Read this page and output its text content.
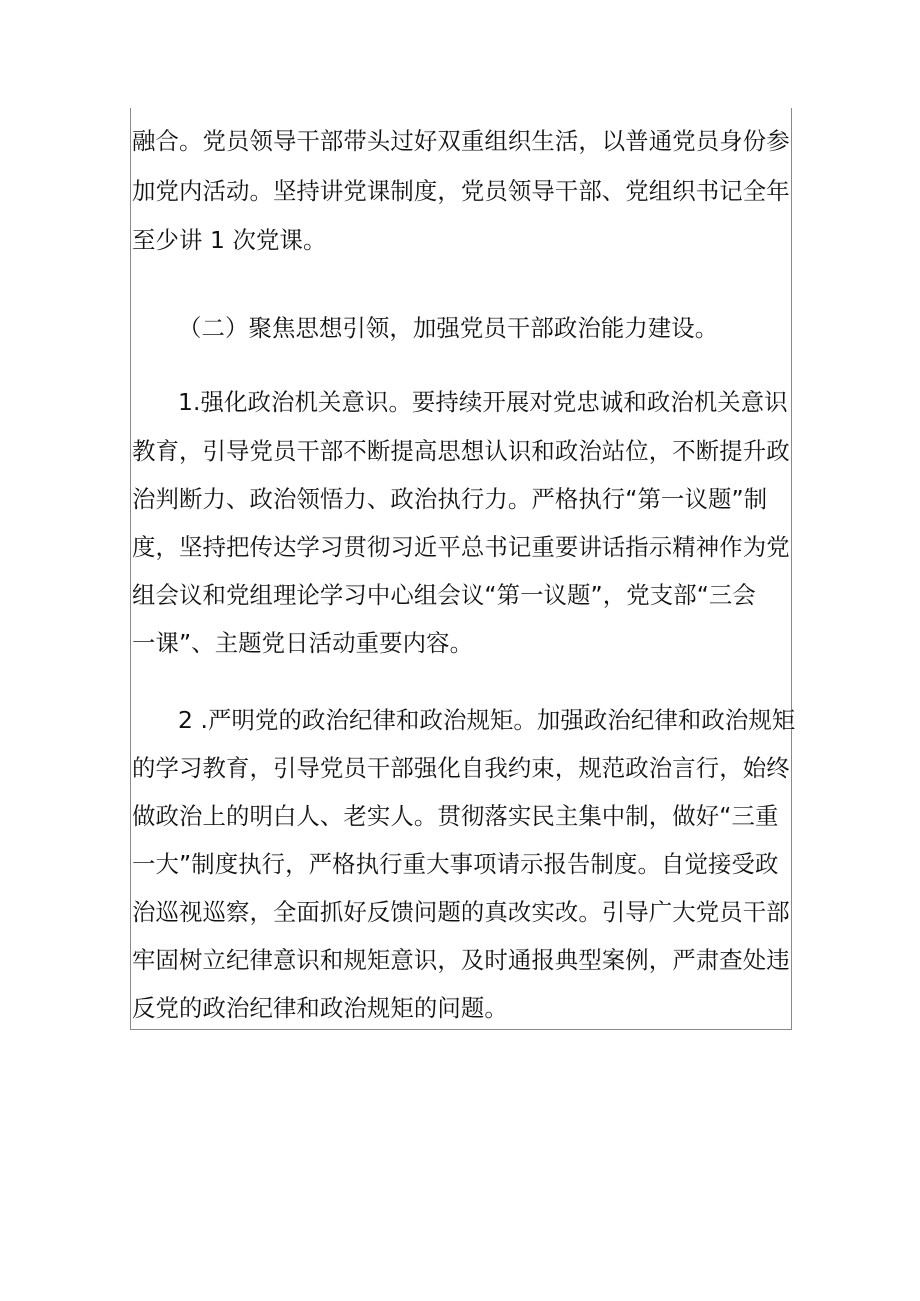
融合。党员领导干部带头过好双重组织生活，以普通党员身份参
加党内活动。坚持讲党课制度，党员领导干部、党组织书记全年
至少讲 1 次党课。
（二）聚焦思想引领，加强党员干部政治能力建设。
1.强化政治机关意识。要持续开展对党忠诚和政治机关意识
教育，引导党员干部不断提高思想认识和政治站位，不断提升政
治判断力、政治领悟力、政治执行力。严格执行“第一议题”制
度，坚持把传达学习贯彻习近平总书记重要讲话指示精神作为党
组会议和党组理论学习中心组会议“第一议题”，党支部“三会
一课”、主题党日活动重要内容。
2 .严明党的政治纪律和政治规矩。加强政治纪律和政治规矩
的学习教育，引导党员干部强化自我约束，规范政治言行，始终
做政治上的明白人、老实人。贯彻落实民主集中制，做好“三重
一大”制度执行，严格执行重大事项请示报告制度。自觉接受政
治巡视巡察，全面抓好反馈问题的真改实改。引导广大党员干部
牢固树立纪律意识和规矩意识，及时通报典型案例，严肃查处违
反党的政治纪律和政治规矩的问题。
